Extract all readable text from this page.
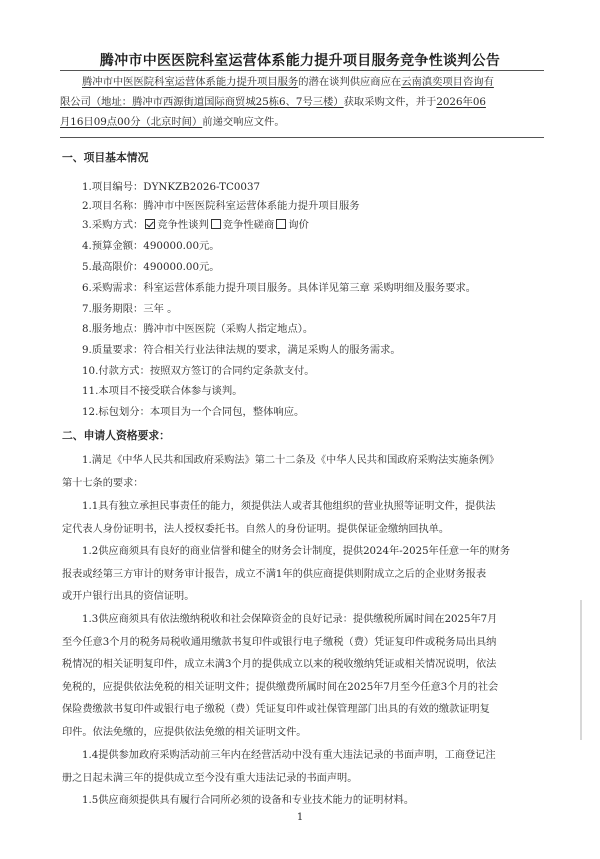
腾冲市中医医院科室运营体系能力提升项目服务竞争性谈判公告
腾冲市中医医院科室运营体系能力提升项目服务的潜在谈判供应商应在云南滇奕项目咨询有
限公司（地址：腾冲市西源街道国际商贸城25栋6、7号三楼）获取采购文件，并于2026年06
月16日09点00分（北京时间）前递交响应文件。
一、项目基本情况
1.项目编号：DYNKZB2026-TC0037
2.项目名称：腾冲市中医医院科室运营体系能力提升项目服务
3.采购方式： 竞争性谈判 竞争性磋商 询价
4.预算金额：490000.00元。
5.最高限价：490000.00元。
6.采购需求：科室运营体系能力提升项目服务。具体详见第三章 采购明细及服务要求。
7.服务期限：三年 。
8.服务地点：腾冲市中医医院（采购人指定地点）。
9.质量要求：符合相关行业法律法规的要求，满足采购人的服务需求。
10.付款方式：按照双方签订的合同约定条款支付。
11.本项目不接受联合体参与谈判。
12.标包划分：本项目为一个合同包，整体响应。
二、申请人资格要求：
1.满足《中华人民共和国政府采购法》第二十二条及《中华人民共和国政府采购法实施条例》
第十七条的要求：
1.1具有独立承担民事责任的能力，须提供法人或者其他组织的营业执照等证明文件，提供法
定代表人身份证明书，法人授权委托书。自然人的身份证明。提供保证金缴纳回执单。
1.2供应商须具有良好的商业信誉和健全的财务会计制度，提供2024年-2025年任意一年的财务
报表或经第三方审计的财务审计报告，成立不满1年的供应商提供则附成立之后的企业财务报表
或开户银行出具的资信证明。
1.3供应商须具有依法缴纳税收和社会保障资金的良好记录：提供缴税所属时间在2025年7月
至今任意3个月的税务局税收通用缴款书复印件或银行电子缴税（费）凭证复印件或税务局出具纳
税情况的相关证明复印件，成立未满3个月的提供成立以来的税收缴纳凭证或相关情况说明，依法
免税的，应提供依法免税的相关证明文件；提供缴费所属时间在2025年7月至今任意3个月的社会
保险费缴款书复印件或银行电子缴税（费）凭证复印件或社保管理部门出具的有效的缴款证明复
印件。依法免缴的，应提供依法免缴的相关证明文件。
1.4提供参加政府采购活动前三年内在经营活动中没有重大违法记录的书面声明，工商登记注
册之日起未满三年的提供成立至今没有重大违法记录的书面声明。
1.5供应商须提供具有履行合同所必须的设备和专业技术能力的证明材料。
1
